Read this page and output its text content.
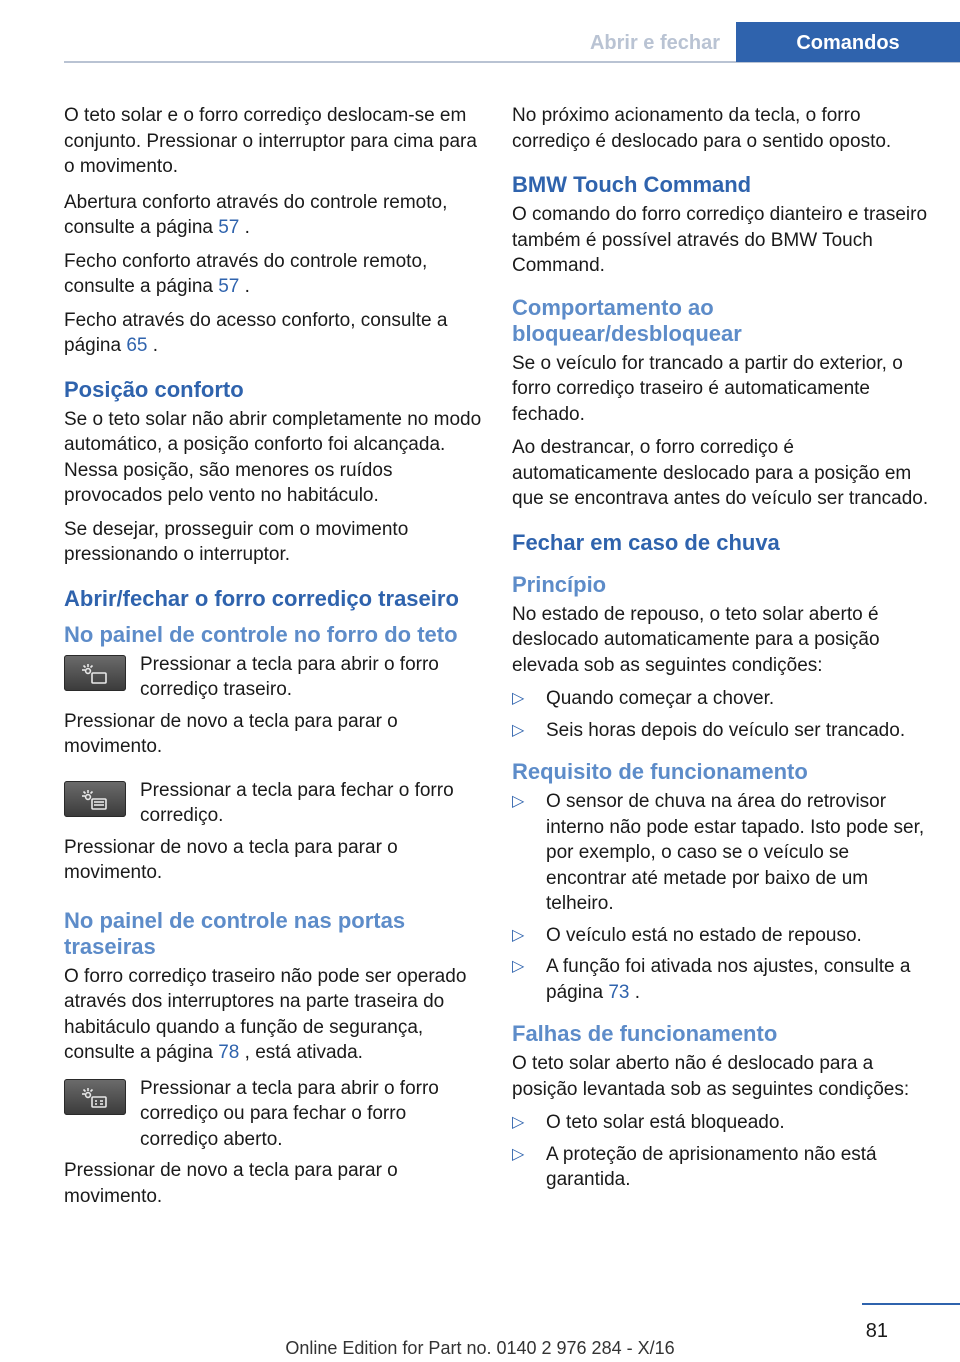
Abrir e fechar	Comandos

O teto solar e o forro corrediço deslocam-se em conjunto. Pressionar o interruptor para cima para o movimento.

Abertura conforto através do controle remoto, consulte a página 57 .

Fecho conforto através do controle remoto, consulte a página 57 .

Fecho através do acesso conforto, consulte a página 65 .

Posição conforto

Se o teto solar não abrir completamente no modo automático, a posição conforto foi alcançada. Nessa posição, são menores os ruídos provocados pelo vento no habitáculo.

Se desejar, prosseguir com o movimento pressionando o interruptor.

Abrir/fechar o forro corrediço traseiro
No painel de controle no forro do teto
Pressionar a tecla para abrir o forro corrediço traseiro.

Pressionar de novo a tecla para parar o movimento.

Pressionar a tecla para fechar o forro corrediço.

Pressionar de novo a tecla para parar o movimento.

No painel de controle nas portas traseiras

O forro corrediço traseiro não pode ser operado através dos interruptores na parte traseira do habitáculo quando a função de segurança, consulte a página 78 , está ativada.

Pressionar a tecla para abrir o forro corrediço ou para fechar o forro corrediço aberto.

Pressionar de novo a tecla para parar o movimento.

No próximo acionamento da tecla, o forro corrediço é deslocado para o sentido oposto.

BMW Touch Command

O comando do forro corrediço dianteiro e traseiro também é possível através do BMW Touch Command.

Comportamento ao bloquear/desbloquear

Se o veículo for trancado a partir do exterior, o forro corrediço traseiro é automaticamente fechado.

Ao destrancar, o forro corrediço é automaticamente deslocado para a posição em que se encontrava antes do veículo ser trancado.

Fechar em caso de chuva
Princípio

No estado de repouso, o teto solar aberto é deslocado automaticamente para a posição elevada sob as seguintes condições:

▷ Quando começar a chover.
▷ Seis horas depois do veículo ser trancado.
Requisito de funcionamento
▷ O sensor de chuva na área do retrovisor interno não pode estar tapado. Isto pode ser, por exemplo, o caso se o veículo se encontrar até metade por baixo de um telheiro.
▷ O veículo está no estado de repouso.
▷ A função foi ativada nos ajustes, consulte a página 73 .
Falhas de funcionamento

O teto solar aberto não é deslocado para a posição levantada sob as seguintes condições:

▷ O teto solar está bloqueado.
▷ A proteção de aprisionamento não está garantida.
81
Online Edition for Part no. 0140 2 976 284 - X/16
